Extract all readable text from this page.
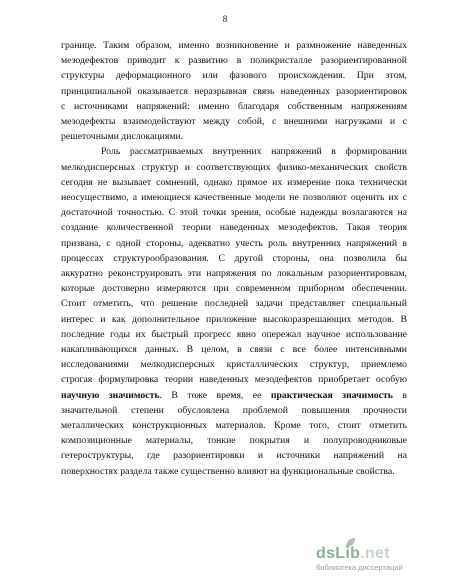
8
границе. Таким образом, именно возникновение и размножение наведенных
мезодефектов приводит к развитию в поликристалле разориентированной
структуры деформационного или фазового происхождения. При этом,
принципиальной оказывается неразрывная связь наведенных разориентировок
с источниками напряжений: именно благодаря собственным напряжениям
мезодефекты взаимодействуют между собой, с внешними нагрузками и с
решеточными дислокациями.
Роль рассматриваемых внутренних напряжений в формировании
мелкодисперсных структур и соответствующих физико-механических свойств
сегодня не вызывает сомнений, однако прямое их измерение пока технически
неосуществимо, а имеющиеся качественные модели не позволяют оценить их с
достаточной точностью. С этой точки зрения, особые надежды возлагаются на
создание количественной теории наведенных мезодефектов. Такая теория
призвана, с одной стороны, адекватно учесть роль внутренних напряжений в
процессах структурообразования. С другой стороны, она позволила бы
аккуратно реконструировать эти напряжения по локальным разориентировкам,
которые достоверно измеряются при современном приборном обеспечении.
Стоит отметить, что решение последней задачи представляет специальный
интерес и как дополнительное приложение высокоразрешающих методов. В
последние годы их быстрый прогресс явно опережал научное использование
накапливающихся данных. В целом, в связи с все более интенсивными
исследованиями мелкодисперсных кристаллических структур, приемлемо
строгая формулировка теории наведенных мезодефектов приобретает особую
научную значимость. В тоже время, ее практическая значимость в
значительной степени обусловлена проблемой повышения прочности
металлических конструкционных материалов. Кроме того, стоит отметить
композиционные материалы, тонкие покрытия и полупроводниковые
гетероструктуры, где разориентировки и источники напряжений на
поверхностях раздела также существенно влияют на функциональные свойства.
dsLib.net
библиотека диссертаций
